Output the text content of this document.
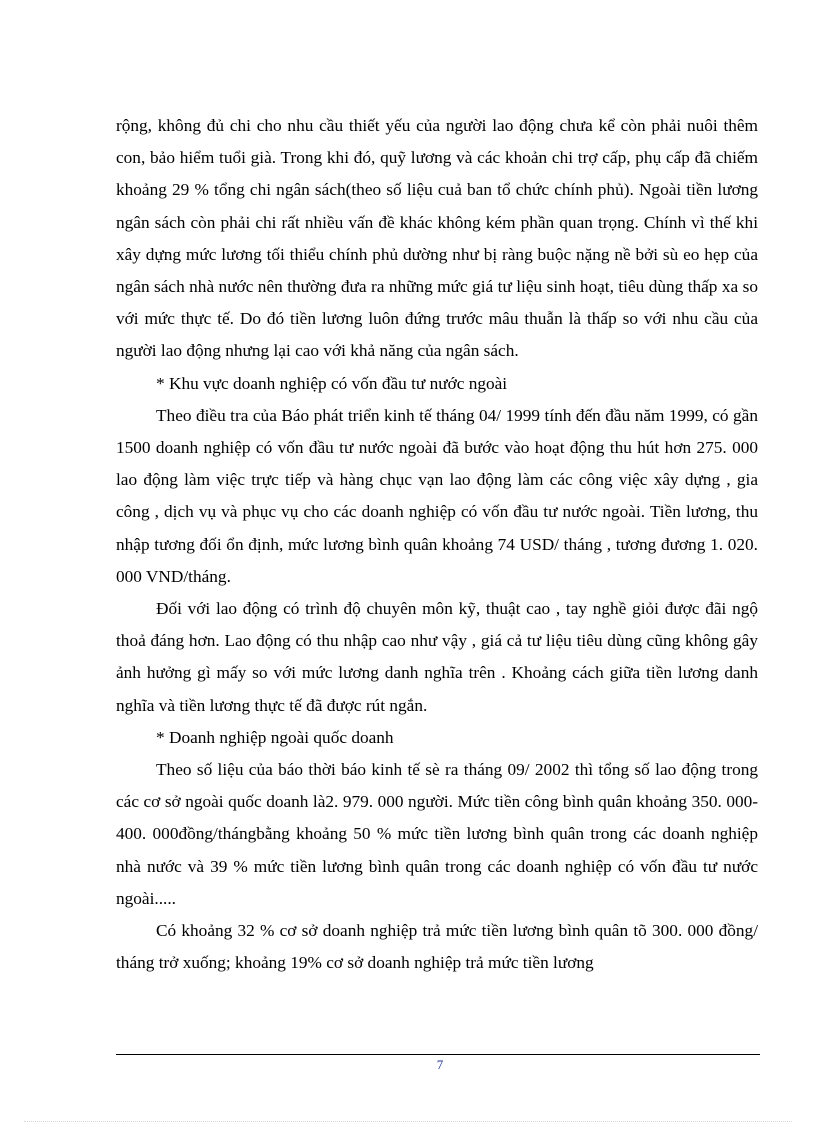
rộng, không đủ chi cho nhu cầu thiết yếu của người lao động chưa kể còn phải nuôi thêm con, bảo hiểm tuổi già. Trong khi đó, quỹ lương và các khoản chi trợ cấp, phụ cấp đã chiếm khoảng 29 % tổng chi ngân sách(theo số liệu cuả ban tổ chức chính phủ). Ngoài tiền lương ngân sách còn phải chi rất nhiều vấn đề khác không kém phần quan trọng. Chính vì thế khi xây dựng mức lương tối thiểu chính phủ dường như bị ràng buộc nặng nề bởi sù eo hẹp của ngân sách nhà nước nên thường đưa ra những mức giá tư liệu sinh hoạt, tiêu dùng thấp xa so với mức thực tế. Do đó tiền lương luôn đứng trước mâu thuẫn là thấp so với nhu cầu của người lao động nhưng lại cao với khả năng của ngân sách.

* Khu vực doanh nghiệp có vốn đầu tư nước ngoài

Theo điều tra của Báo phát triển kinh tế tháng 04/ 1999 tính đến đầu năm 1999, có gần 1500 doanh nghiệp có vốn đầu tư nước ngoài đã bước vào hoạt động thu hút hơn 275. 000 lao động làm việc trực tiếp và hàng chục vạn lao động làm các công việc xây dựng , gia công , dịch vụ và phục vụ cho các doanh nghiệp có vốn đầu tư nước ngoài. Tiền lương, thu nhập tương đối ổn định, mức lương bình quân khoảng 74 USD/ tháng , tương đương 1. 020. 000 VND/tháng.

Đối với lao động có trình độ chuyên môn kỹ, thuật cao , tay nghề giỏi được đãi ngộ thoả đáng hơn. Lao động có thu nhập cao như vậy , giá cả tư liệu tiêu dùng cũng không gây ảnh hưởng gì mấy so với mức lương danh nghĩa trên . Khoảng cách giữa tiền lương danh nghĩa và tiền lương thực tế đã được rút ngắn.

* Doanh nghiệp ngoài quốc doanh

Theo số liệu của báo thời báo kinh tế sè ra tháng 09/ 2002 thì tổng số lao động trong các cơ sở ngoài quốc doanh là2. 979. 000 người. Mức tiền công bình quân khoảng 350. 000-400. 000đồng/thángbằng khoảng 50 % mức tiền lương bình quân trong các doanh nghiệp nhà nước và 39 % mức tiền lương bình quân trong các doanh nghiệp có vốn đầu tư nước ngoài.....

Có khoảng 32 % cơ sở doanh nghiệp trả mức tiền lương bình quân tõ 300. 000 đồng/ tháng trở xuống; khoảng 19% cơ sở doanh nghiệp trả mức tiền lương

7
